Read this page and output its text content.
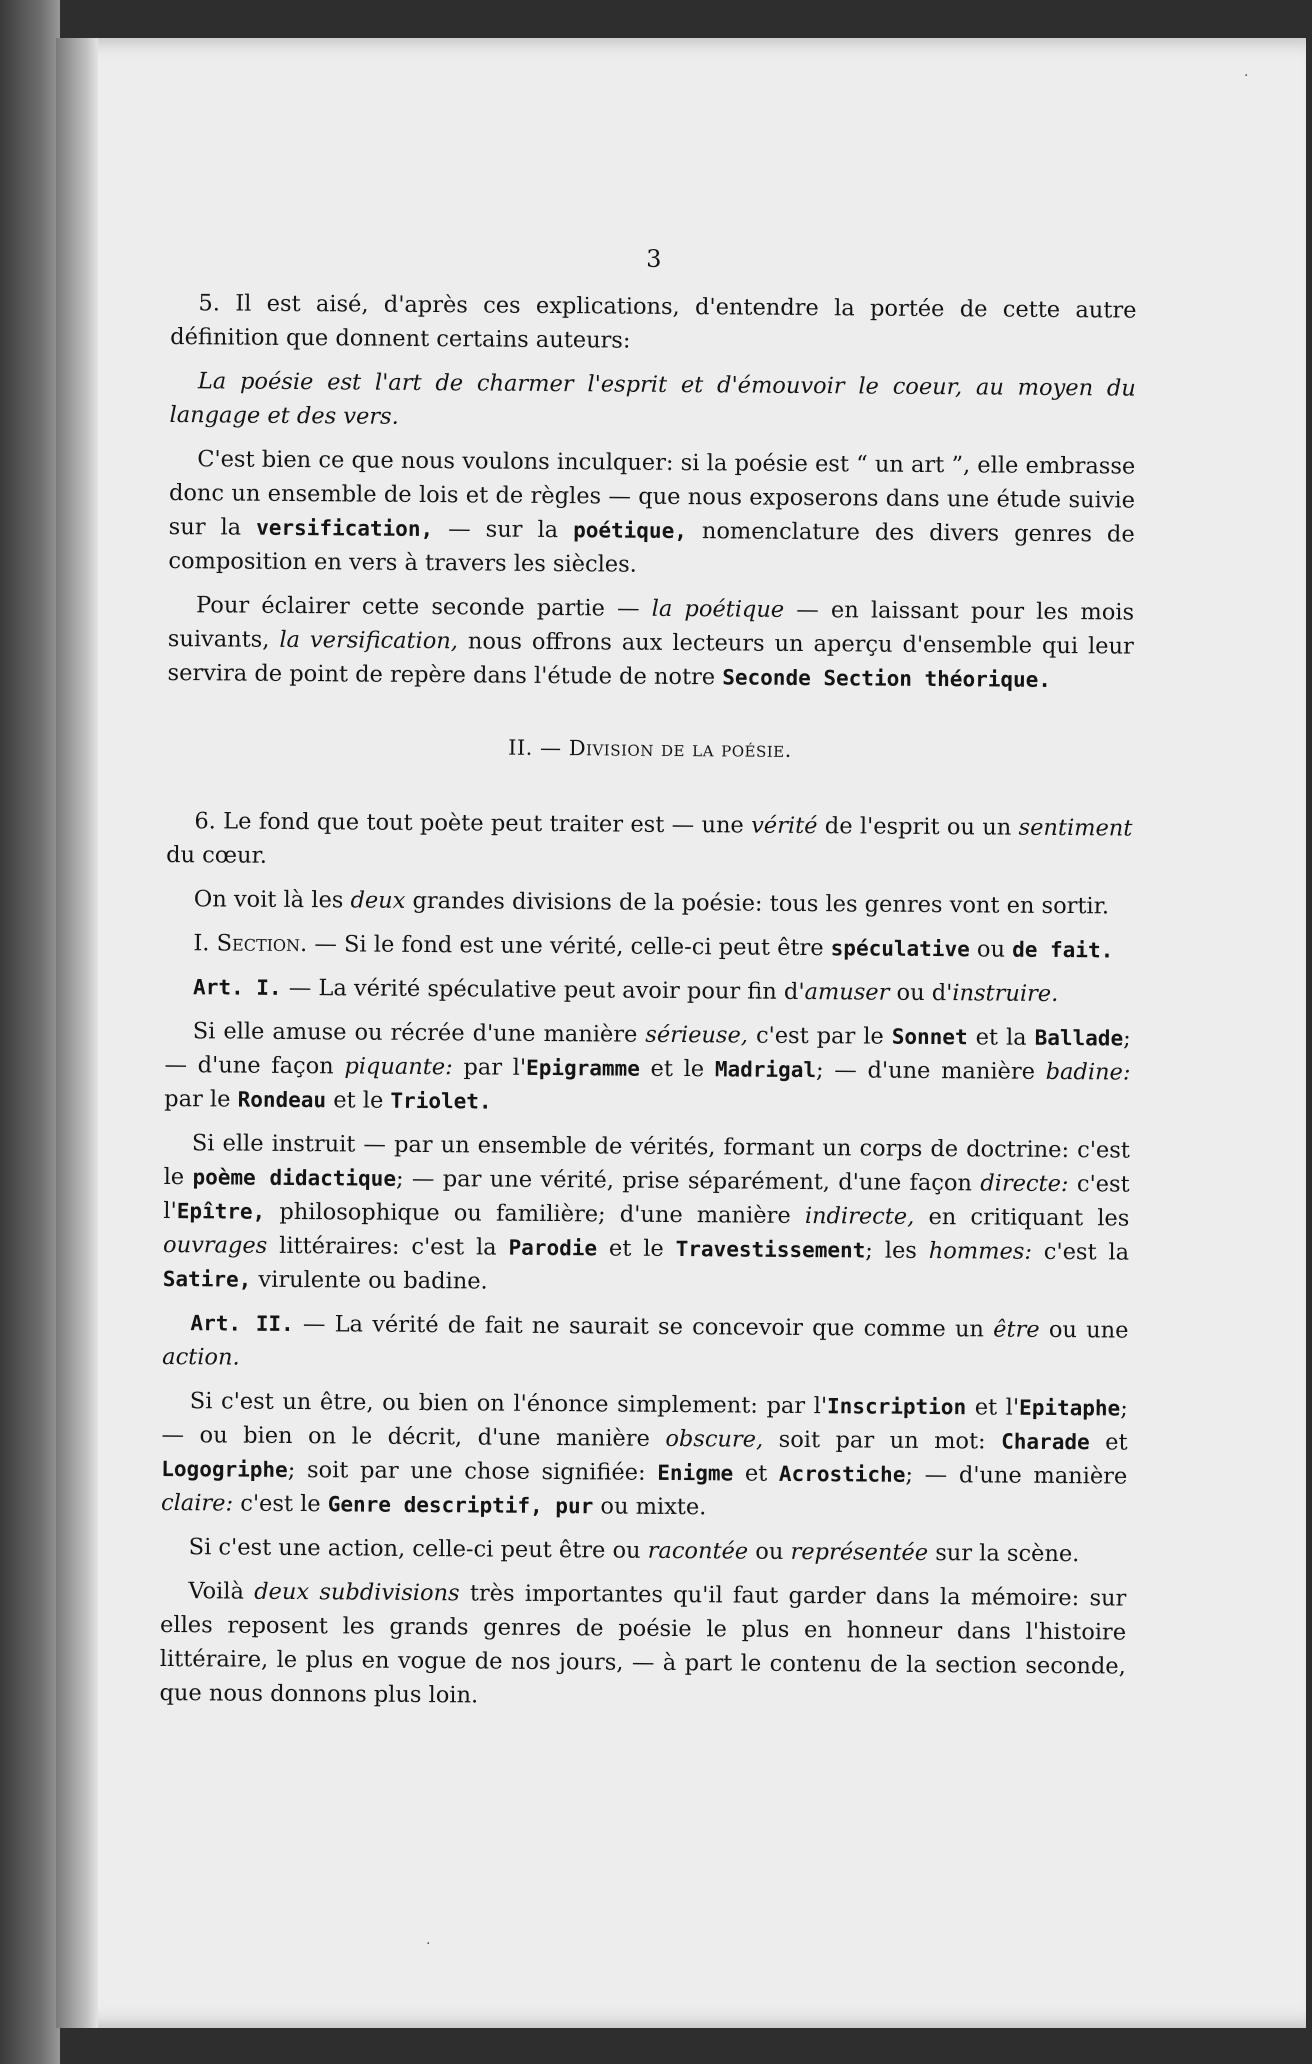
3

5. Il est aisé, d'après ces explications, d'entendre la portée de cette autre définition que donnent certains auteurs:

La poésie est l'art de charmer l'esprit et d'émouvoir le coeur, au moyen du langage et des vers.

C'est bien ce que nous voulons inculquer: si la poésie est “ un art ”, elle embrasse donc un ensemble de lois et de règles — que nous exposerons dans une étude suivie sur la versification, — sur la poétique, nomenclature des divers genres de composition en vers à travers les siècles.

Pour éclairer cette seconde partie — la poétique — en laissant pour les mois suivants, la versification, nous offrons aux lecteurs un aperçu d'ensemble qui leur servira de point de repère dans l'étude de notre Seconde Section théorique.

II. — Division de la poésie.

6. Le fond que tout poète peut traiter est — une vérité de l'esprit ou un sentiment du cœur.

On voit là les deux grandes divisions de la poésie: tous les genres vont en sortir.

I. Section. — Si le fond est une vérité, celle-ci peut être spéculative ou de fait.

Art. I. — La vérité spéculative peut avoir pour fin d'amuser ou d'instruire.

Si elle amuse ou récrée d'une manière sérieuse, c'est par le Sonnet et la Ballade; — d'une façon piquante: par l'Epigramme et le Madrigal; — d'une manière badine: par le Rondeau et le Triolet.

Si elle instruit — par un ensemble de vérités, formant un corps de doctrine: c'est le poème didactique; — par une vérité, prise séparément, d'une façon directe: c'est l'Epître, philosophique ou familière; d'une manière indirecte, en critiquant les ouvrages littéraires: c'est la Parodie et le Travestissement; les hommes: c'est la Satire, virulente ou badine.

Art. II. — La vérité de fait ne saurait se concevoir que comme un être ou une action.

Si c'est un être, ou bien on l'énonce simplement: par l'Inscription et l'Epitaphe; — ou bien on le décrit, d'une manière obscure, soit par un mot: Charade et Logogriphe; soit par une chose signifiée: Enigme et Acrostiche; — d'une manière claire: c'est le Genre descriptif, pur ou mixte.

Si c'est une action, celle-ci peut être ou racontée ou représentée sur la scène.

Voilà deux subdivisions très importantes qu'il faut garder dans la mémoire: sur elles reposent les grands genres de poésie le plus en honneur dans l'histoire littéraire, le plus en vogue de nos jours, — à part le contenu de la section seconde, que nous donnons plus loin.

·
·
